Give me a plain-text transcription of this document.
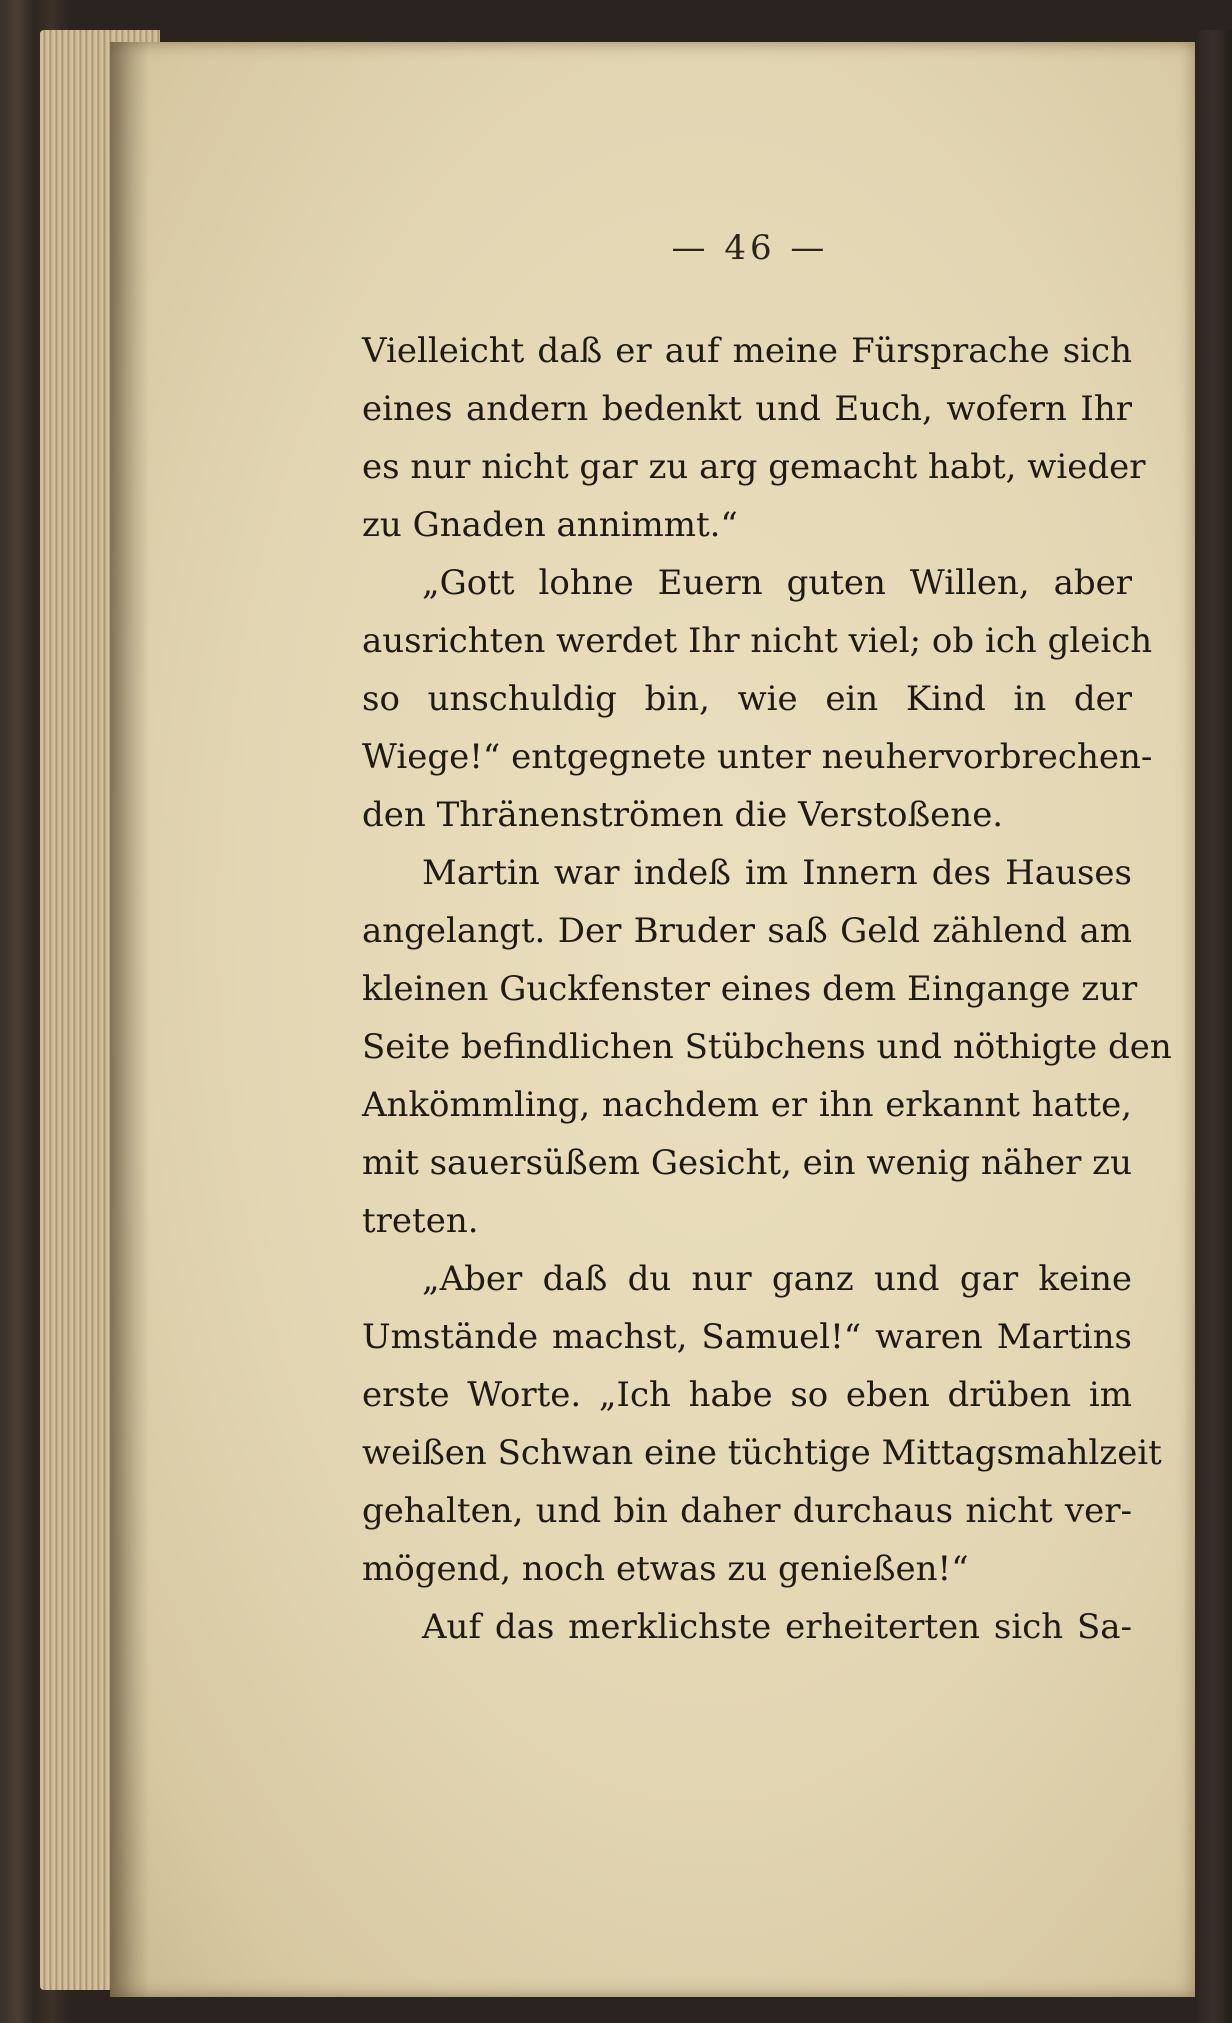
— 46 —
Vielleicht daß er auf meine Fürsprache sich
eines andern bedenkt und Euch, wofern Ihr
es nur nicht gar zu arg gemacht habt, wieder
zu Gnaden annimmt.“
„Gott lohne Euern guten Willen, aber
ausrichten werdet Ihr nicht viel; ob ich gleich
so unschuldig bin, wie ein Kind in der
Wiege!“ entgegnete unter neuhervorbrechen-
den Thränenströmen die Verstoßene.
Martin war indeß im Innern des Hauses
angelangt. Der Bruder saß Geld zählend am
kleinen Guckfenster eines dem Eingange zur
Seite befindlichen Stübchens und nöthigte den
Ankömmling, nachdem er ihn erkannt hatte,
mit sauersüßem Gesicht, ein wenig näher zu
treten.
„Aber daß du nur ganz und gar keine
Umstände machst, Samuel!“ waren Martins
erste Worte. „Ich habe so eben drüben im
weißen Schwan eine tüchtige Mittagsmahlzeit
gehalten, und bin daher durchaus nicht ver-
mögend, noch etwas zu genießen!“
Auf das merklichste erheiterten sich Sa-
